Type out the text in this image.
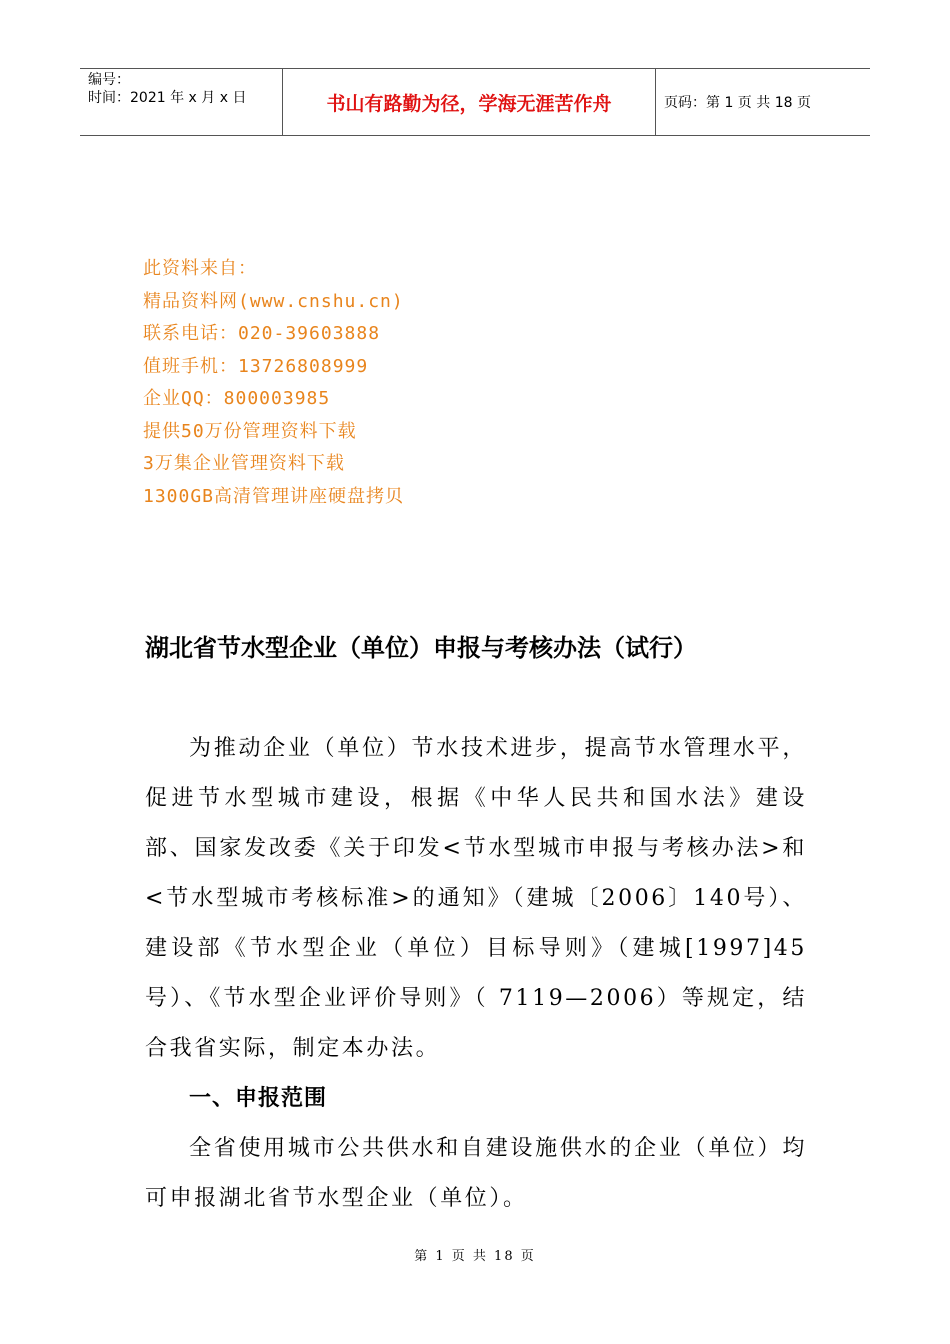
编号：
时间：2021 年 x 月 x 日	书山有路勤为径，学海无涯苦作舟	页码：第 1 页 共 18 页
此资料来自：
精品资料网(www.cnshu.cn)
联系电话：020-39603888
值班手机：13726808999
企业QQ：800003985
提供50万份管理资料下载
3万集企业管理资料下载
1300GB高清管理讲座硬盘拷贝
湖北省节水型企业（单位）申报与考核办法（试行）

为推动企业（单位）节水技术进步，提高节水管理水平，促进节水型城市建设，根据《中华人民共和国水法》建设部、国家发改委《关于印发<节水型城市申报与考核办法>和<节水型城市考核标准>的通知》（建城〔2006〕140号）、建设部《节水型企业（单位）目标导则》（建城[1997]45号）、《节水型企业评价导则》（ 7119—2006）等规定，结合我省实际，制定本办法。

一、申报范围

全省使用城市公共供水和自建设施供水的企业（单位）均可申报湖北省节水型企业（单位）。

第 1 页 共 18 页
